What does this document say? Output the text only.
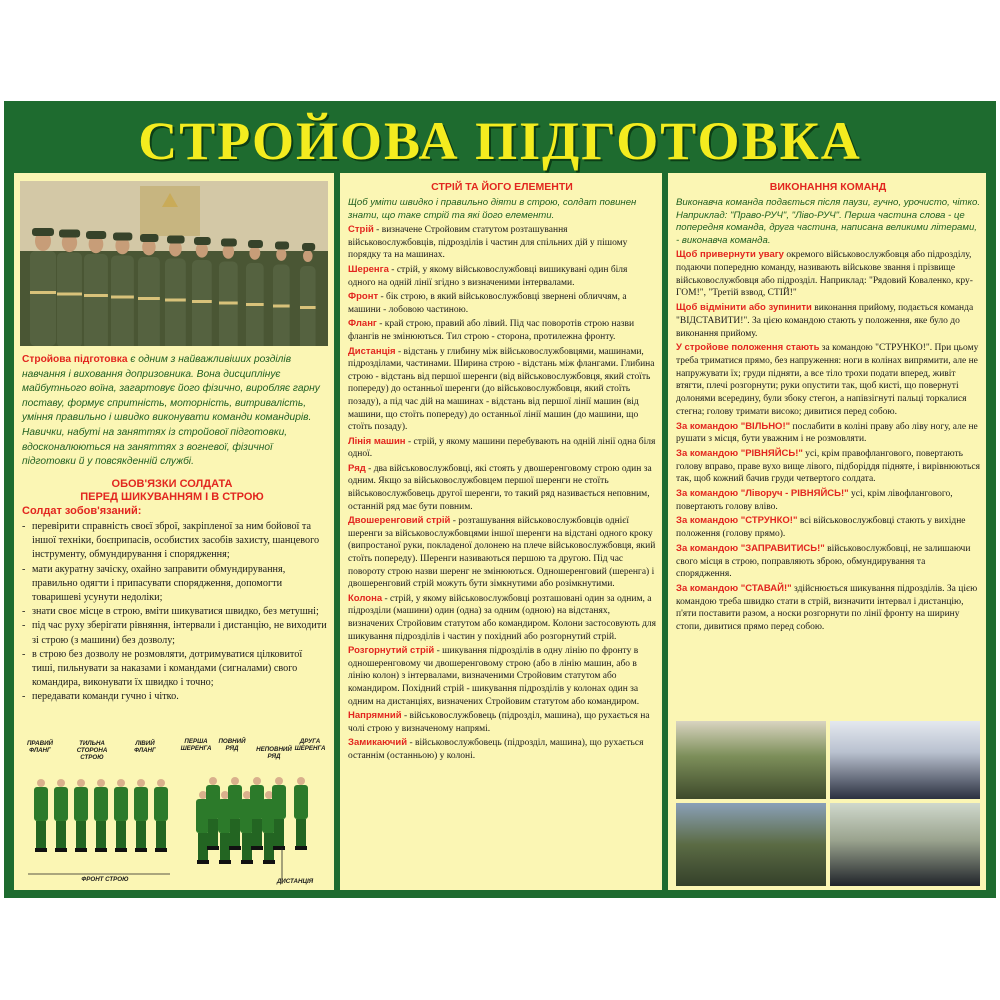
СТРОЙОВА ПІДГОТОВКА
Стройова підготовка є одним з найважливіших розділів навчання і виховання допризовника. Вона дисциплінує майбутнього воїна, загартовує його фізично, виробляє гарну поставу, формує спритність, моторність, витривалість, уміння правильно і швидко виконувати команди командирів. Навички, набуті на заняттях із стройової підготовки, вдосконалюються на заняттях з вогневої, фізичної підготовки й у повсякденній службі.
ОБОВ'ЯЗКИ СОЛДАТА
ПЕРЕД ШИКУВАННЯМ І В СТРОЮ
Солдат зобов'язаний:
- перевірити справність своєї зброї, закріпленої за ним бойової та іншої техніки, боєприпасів, особистих засобів захисту, шанцевого інструменту, обмундирування і спорядження;
- мати акуратну зачіску, охайно заправити обмундирування, правильно одягти і припасувати спорядження, допомогти товаришеві усунути недоліки;
- знати своє місце в строю, вміти шикуватися швидко, без метушні;
- під час руху зберігати рівняння, інтервали і дистанцію, не виходити зі строю (з машини) без дозволу;
- в строю без дозволу не розмовляти, дотримуватися цілковитої тиші, пильнувати за наказами і командами (сигналами) свого командира, виконувати їх швидко і точно;
- передавати команди гучно і чітко.
ПРАВИЙ ФЛАНГ
ТИЛЬНА СТОРОНА СТРОЮ
ЛІВИЙ ФЛАНГ
ПЕРША ШЕРЕНГА
ПОВНИЙ РЯД	НЕПОВНИЙ РЯД
ДРУГА ШЕРЕНГА
ФРОНТ СТРОЮ	ДИСТАНЦІЯ
СТРІЙ ТА ЙОГО ЕЛЕМЕНТИ
Щоб уміти швидко і правильно діяти в строю, солдат повинен знати, що таке стрій та які його елементи.

Стрій - визначене Стройовим статутом розташування військовослужбовців, підрозділів і частин для спільних дій у пішому порядку та на машинах.

Шеренга - стрій, у якому військовослужбовці вишикувані один біля одного на одній лінії згідно з визначеними інтервалами.

Фронт - бік строю, в який військовослужбовці звернені обличчям, а машини - лобовою частиною.

Фланг - край строю, правий або лівий. Під час поворотів строю назви флангів не змінюються. Тил строю - сторона, протилежна фронту.

Дистанція - відстань у глибину між військовослужбовцями, машинами, підрозділами, частинами. Ширина строю - відстань між флангами. Глибина строю - відстань від першої шеренги (від військовослужбовця, який стоїть попереду) до останньої шеренги (до військовослужбовця, який стоїть позаду), а під час дій на машинах - відстань від першої лінії машин (від машини, що стоїть попереду) до останньої лінії машин (до машини, що стоїть позаду).

Лінія машин - стрій, у якому машини перебувають на одній лінії одна біля одної.

Ряд - два військовослужбовці, які стоять у двошеренговому строю один за одним. Якщо за військовослужбовцем першої шеренги не стоїть військовослужбовець другої шеренги, то такий ряд називається неповним, останній ряд має бути повним.

Двошеренговий стрій - розташування військовослужбовців однієї шеренги за військовослужбовцями іншої шеренги на відстані одного кроку (випростаної руки, покладеної долонею на плече військовослужбовця, який стоїть попереду). Шеренги називаються першою та другою. Під час повороту строю назви шеренг не змінюються. Одношеренговий (шеренга) і двошеренговий стрій можуть бути зімкнутими або розімкнутими.

Колона - стрій, у якому військовослужбовці розташовані один за одним, а підрозділи (машини) один (одна) за одним (одною) на відстанях, визначених Стройовим статутом або командиром. Колони застосовують для шикування підрозділів і частин у похідний або розгорнутий стрій.

Розгорнутий стрій - шикування підрозділів в одну лінію по фронту в одношеренговому чи двошеренговому строю (або в лінію машин, або в лінію колон) з інтервалами, визначеними Стройовим статутом або командиром. Похідний стрій - шикування підрозділів у колонах один за одним на дистанціях, визначених Стройовим статутом або командиром.

Напрямний - військовослужбовець (підрозділ, машина), що рухається на чолі строю у визначеному напрямі.

Замикаючий - військовослужбовець (підрозділ, машина), що рухається останнім (останньою) у колоні.

ВИКОНАННЯ КОМАНД
Виконавча команда подається після паузи, гучно, урочисто, чітко. Наприклад: "Право-РУЧ", "Ліво-РУЧ". Перша частина слова - це попередня команда, друга частина, написана великими літерами, - виконавча команда.

Щоб привернути увагу окремого військовослужбовця або підрозділу, подаючи попередню команду, називають військове звання і прізвище військовослужбовця або підрозділ. Наприклад: "Рядовий Коваленко, кру-ГОМ!", "Третій взвод, СТІЙ!"

Щоб відмінити або зупинити виконання прийому, подається команда "ВІДСТАВИТИ!". За цією командою стають у положення, яке було до виконання прийому.

У стройове положення стають за командою "СТРУНКО!". При цьому треба триматися прямо, без напруження: ноги в колінах випрямити, але не напружувати їх; груди підняти, а все тіло трохи подати вперед, живіт втягти, плечі розгорнути; руки опустити так, щоб кисті, що повернуті долонями всередину, були збоку стегон, а напівзігнуті пальці торкалися стегна; голову тримати високо; дивитися перед собою.

За командою "ВІЛЬНО!" послабити в коліні праву або ліву ногу, але не рушати з місця, бути уважним і не розмовляти.

За командою "РІВНЯЙСЬ!" усі, крім правофлангового, повертають голову вправо, праве вухо вище лівого, підборіддя підняте, і вирівнюються так, щоб кожний бачив груди четвертого солдата.

За командою "Ліворуч - РІВНЯЙСЬ!" усі, крім лівофлангового, повертають голову вліво.

За командою "СТРУНКО!" всі військовослужбовці стають у вихідне положення (голову прямо).

За командою "ЗАПРАВИТИСЬ!" військовослужбовці, не залишаючи свого місця в строю, поправляють зброю, обмундирування та спорядження.

За командою "СТАВАЙ!" здійснюється шикування підрозділів. За цією командою треба швидко стати в стрій, визначити інтервал і дистанцію, п'яти поставити разом, а носки розгорнути по лінії фронту на ширину стопи, дивитися прямо перед собою.
